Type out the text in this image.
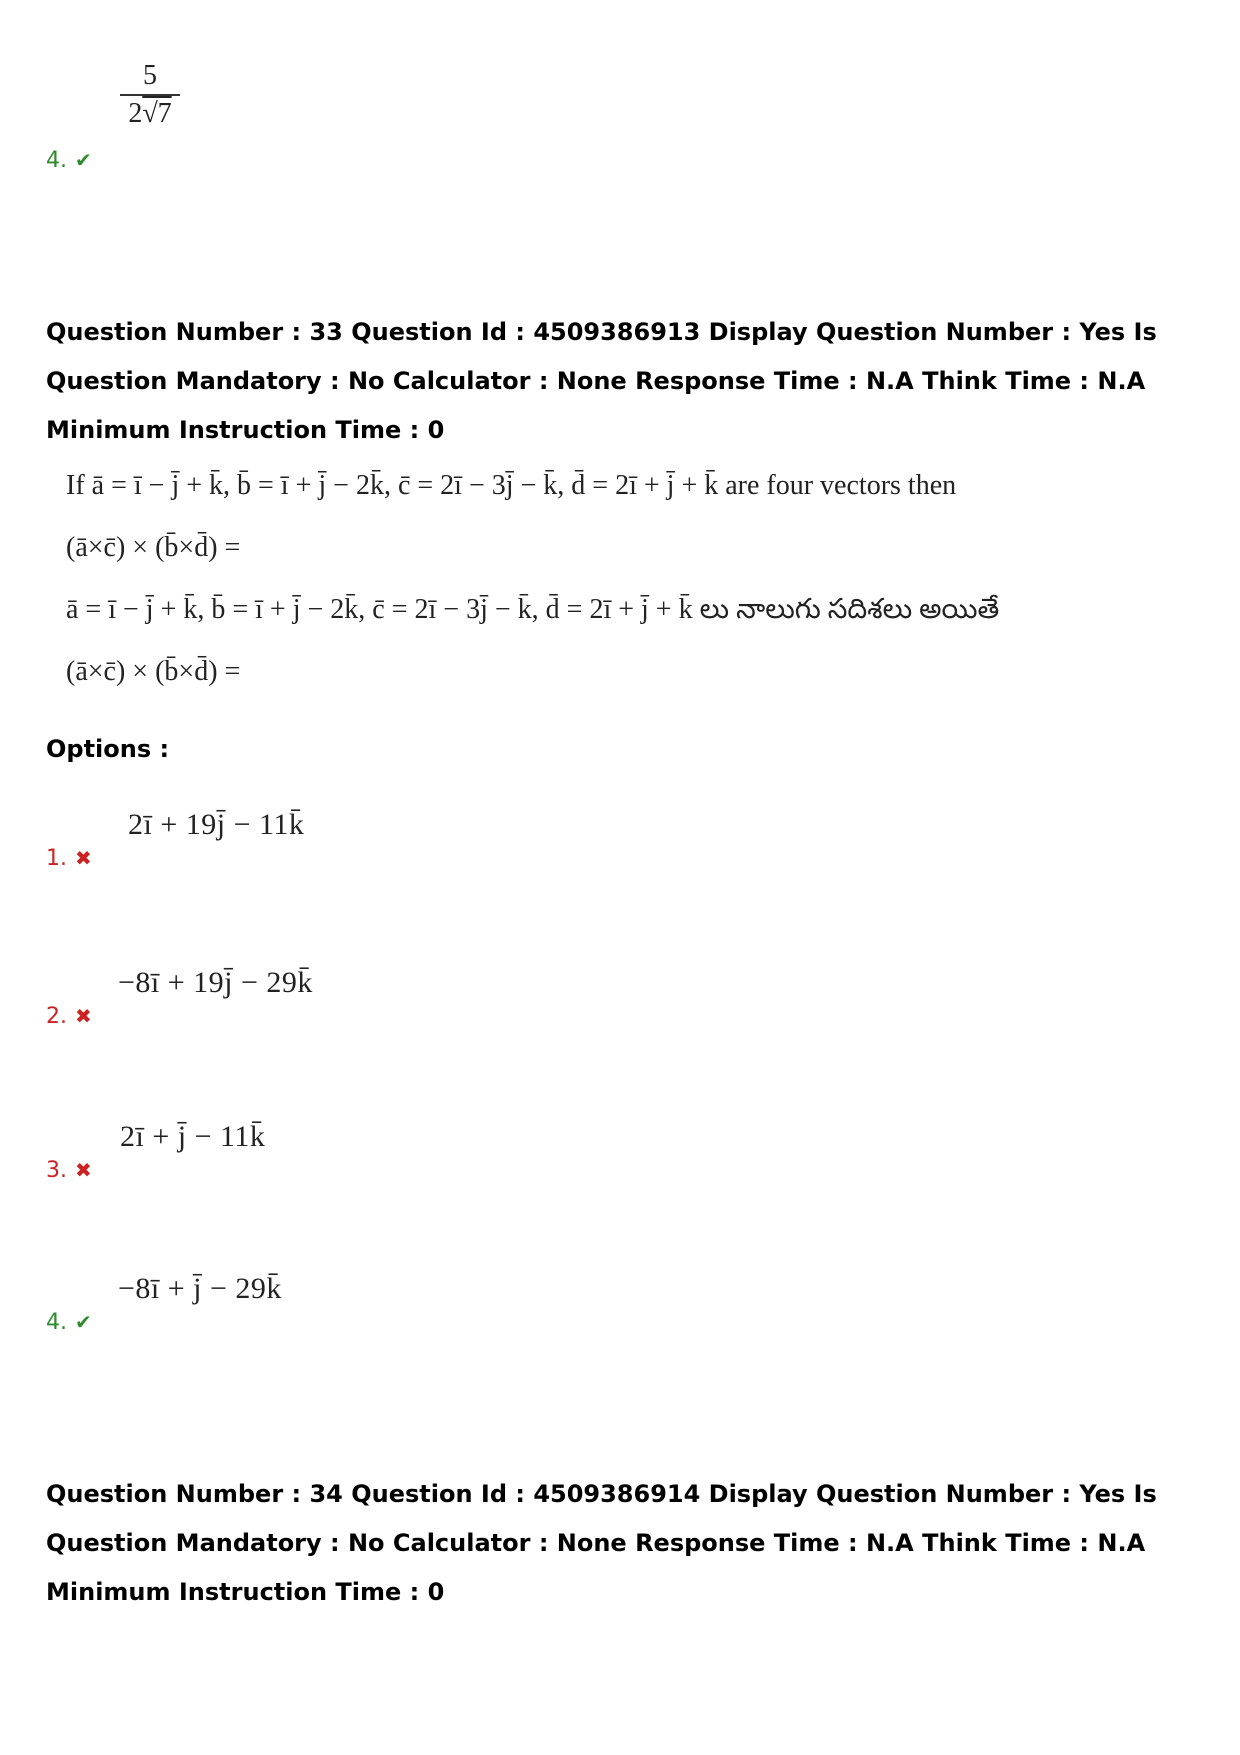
5
2√7
4. ✔
Question Number : 33 Question Id : 4509386913 Display Question Number : Yes Is Question Mandatory : No Calculator : None Response Time : N.A Think Time : N.A Minimum Instruction Time : 0
If ā = ī − j̄ + k̄, b̄ = ī + j̄ − 2k̄, c̄ = 2ī − 3j̄ − k̄, d̄ = 2ī + j̄ + k̄ are four vectors then
(ā×c̄) × (b̄×d̄) =
ā = ī − j̄ + k̄, b̄ = ī + j̄ − 2k̄, c̄ = 2ī − 3j̄ − k̄, d̄ = 2ī + j̄ + k̄ లు నాలుగు సదిశలు అయితే
(ā×c̄) × (b̄×d̄) =
Options :
2ī + 19j̄ − 11k̄
1. ✖
−8ī + 19j̄ − 29k̄
2. ✖
2ī + j̄ − 11k̄
3. ✖
−8ī + j̄ − 29k̄
4. ✔
Question Number : 34 Question Id : 4509386914 Display Question Number : Yes Is Question Mandatory : No Calculator : None Response Time : N.A Think Time : N.A Minimum Instruction Time : 0
